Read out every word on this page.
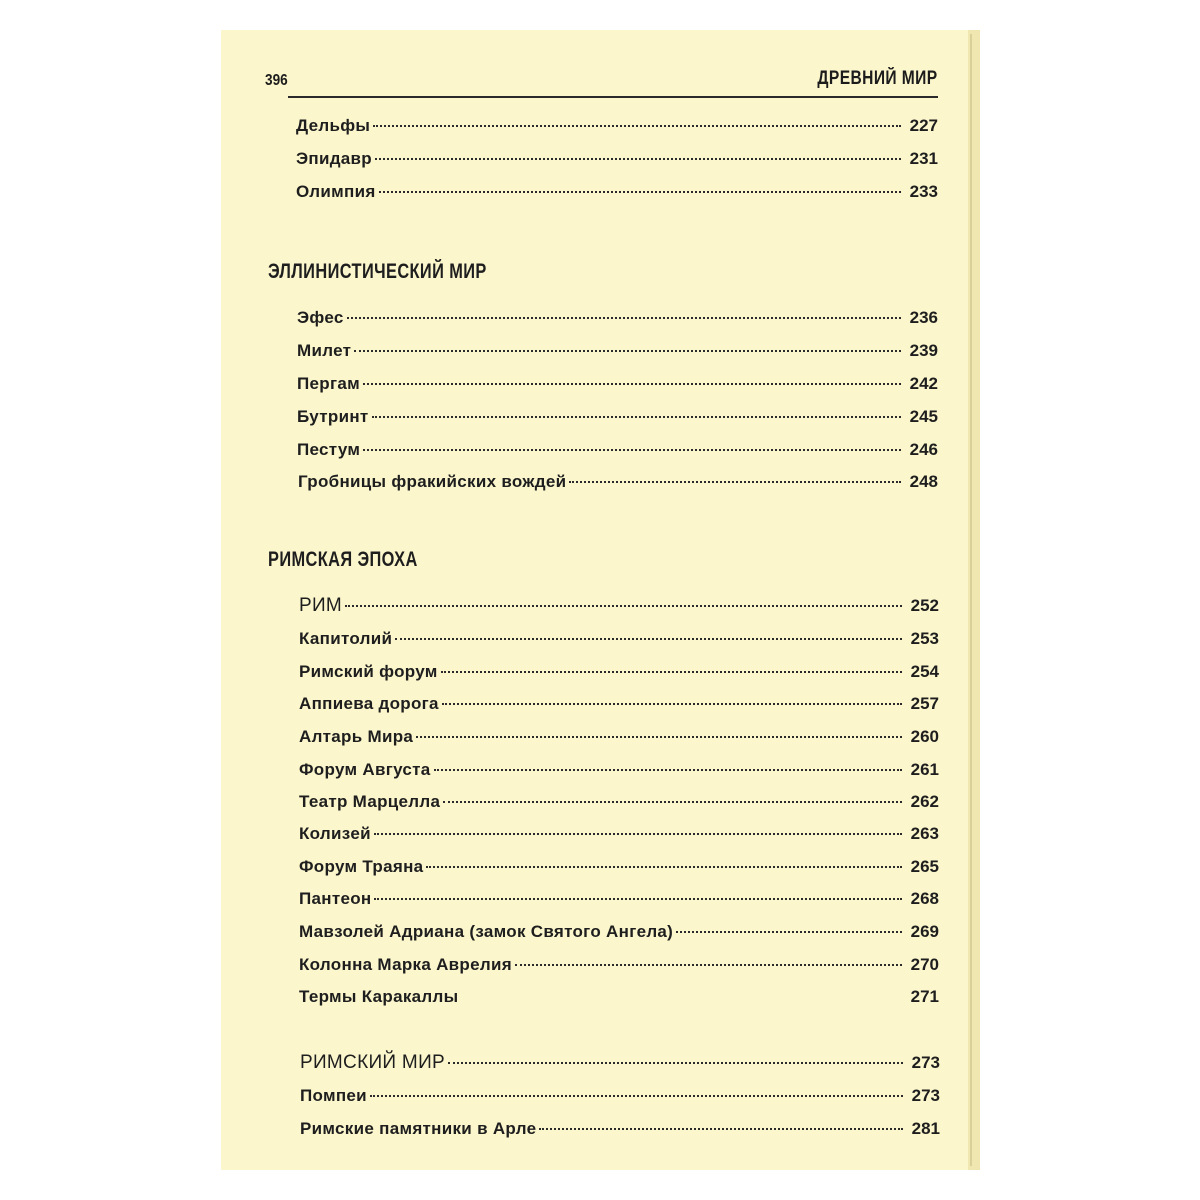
396	ДРЕВНИЙ МИР
Дельфы	227
Эпидавр	231
Олимпия	233
ЭЛЛИНИСТИЧЕСКИЙ МИР
Эфес	236
Милет	239
Пергам	242
Бутринт	245
Пестум	246
Гробницы фракийских вождей	248
РИМСКАЯ ЭПОХА
РИМ	252
Капитолий	253
Римский форум	254
Аппиева дорога	257
Алтарь Мира	260
Форум Августа	261
Театр Марцелла	262
Колизей	263
Форум Траяна	265
Пантеон	268
Мавзолей Адриана (замок Святого Ангела)	269
Колонна Марка Аврелия	270
Термы Каракаллы	271
РИМСКИЙ МИР	273
Помпеи	273
Римские памятники в Арле	281
